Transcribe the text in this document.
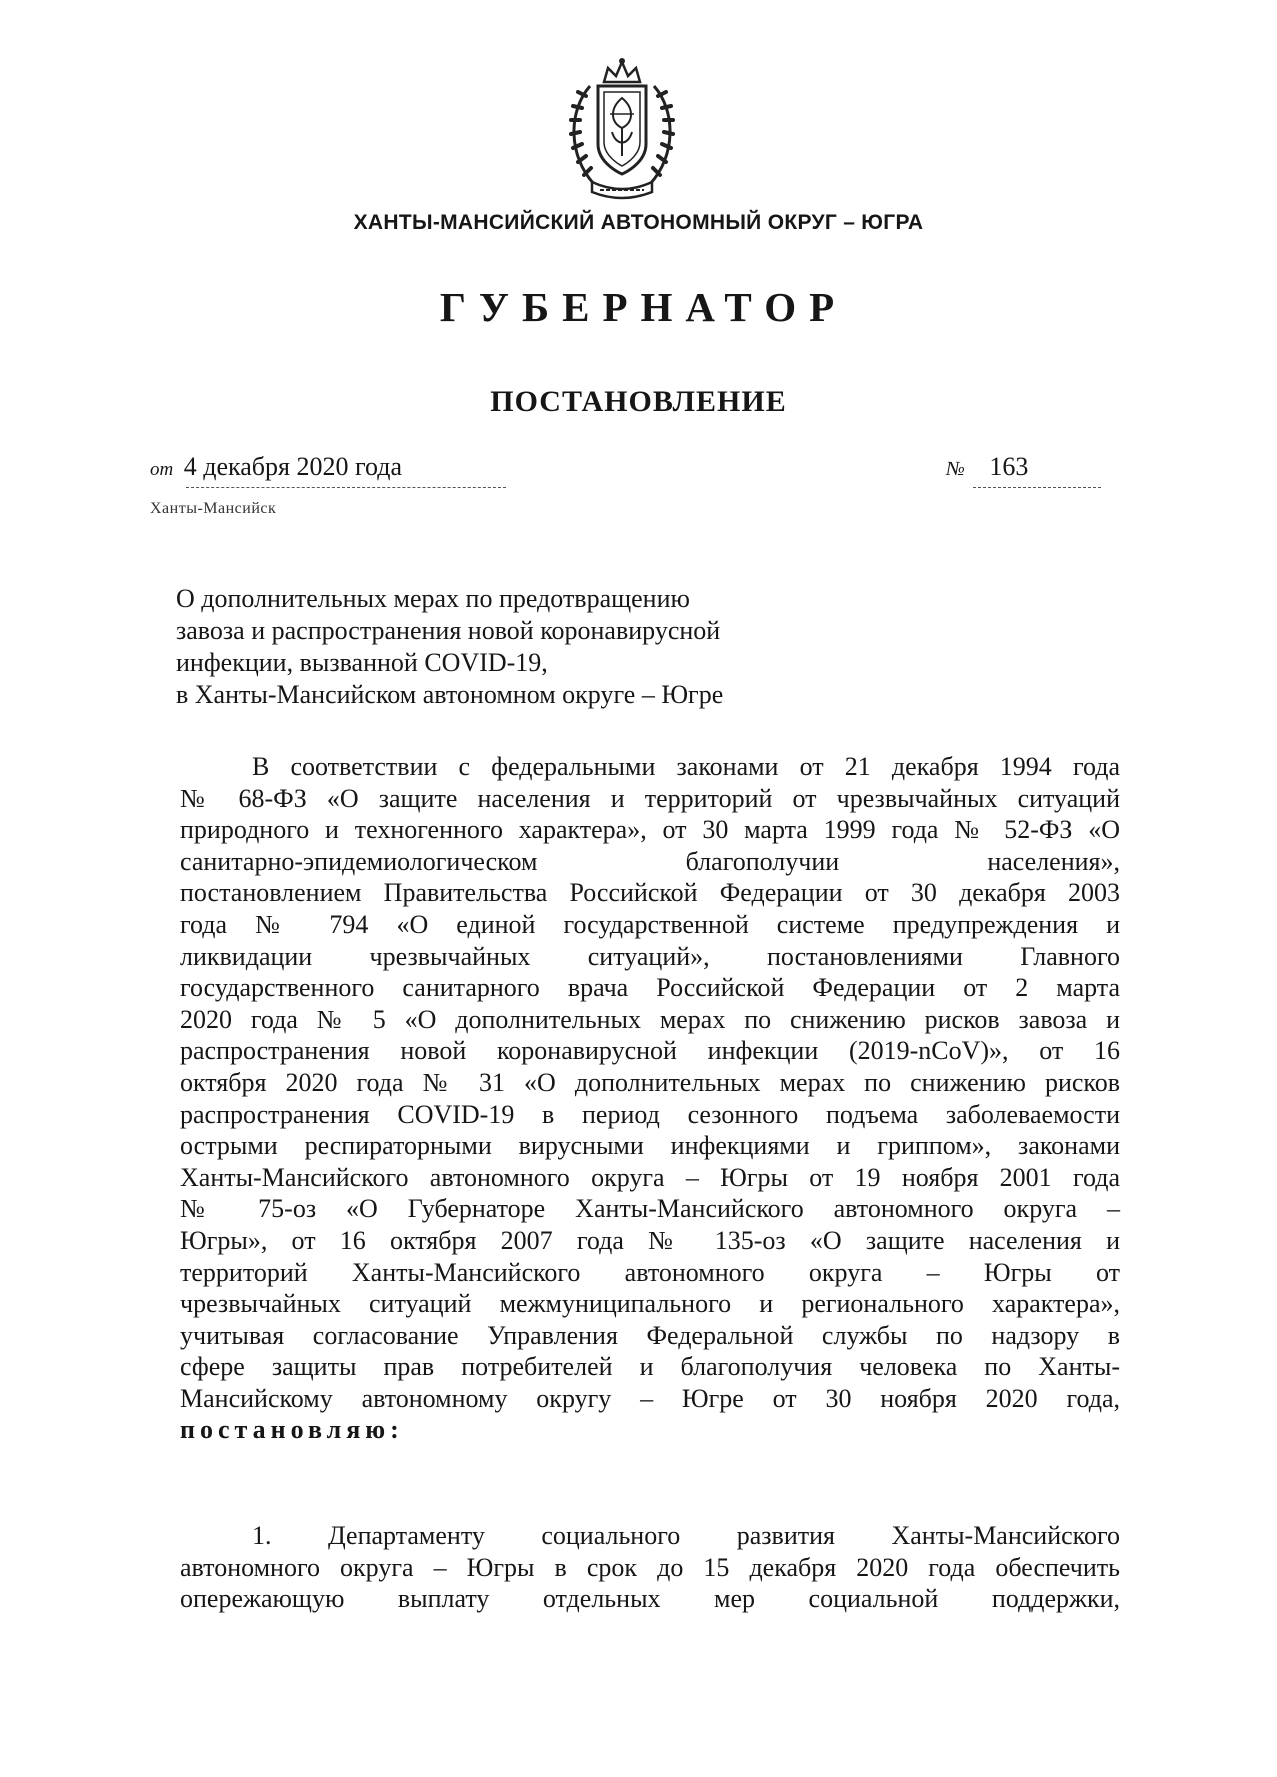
ХАНТЫ-МАНСИЙСКИЙ АВТОНОМНЫЙ ОКРУГ – ЮГРА
ГУБЕРНАТОР
ПОСТАНОВЛЕНИЕ
от 4 декабря 2020 года	№ 163
Ханты-Мансийск
О дополнительных мерах по предотвращению
завоза и распространения новой коронавирусной
инфекции, вызванной COVID-19,
в Ханты-Мансийском автономном округе – Югре
В соответствии с федеральными законами от 21 декабря 1994 года
№ 68-ФЗ «О защите населения и территорий от чрезвычайных ситуаций
природного и техногенного характера», от 30 марта 1999 года № 52-ФЗ «О
санитарно-эпидемиологическом благополучии населения»,
постановлением Правительства Российской Федерации от 30 декабря 2003
года № 794 «О единой государственной системе предупреждения и
ликвидации чрезвычайных ситуаций», постановлениями Главного
государственного санитарного врача Российской Федерации от 2 марта
2020 года № 5 «О дополнительных мерах по снижению рисков завоза и
распространения новой коронавирусной инфекции (2019-nCoV)», от 16
октября 2020 года № 31 «О дополнительных мерах по снижению рисков
распространения COVID-19 в период сезонного подъема заболеваемости
острыми респираторными вирусными инфекциями и гриппом», законами
Ханты-Мансийского автономного округа – Югры от 19 ноября 2001 года
№ 75-оз «О Губернаторе Ханты-Мансийского автономного округа –
Югры», от 16 октября 2007 года № 135-оз «О защите населения и
территорий Ханты-Мансийского автономного округа – Югры от
чрезвычайных ситуаций межмуниципального и регионального характера»,
учитывая согласование Управления Федеральной службы по надзору в
сфере защиты прав потребителей и благополучия человека по Ханты-
Мансийскому автономному округу – Югре от 30 ноября 2020 года,
постановляю:
1. Департаменту социального развития Ханты-Мансийского
автономного округа – Югры в срок до 15 декабря 2020 года обеспечить
опережающую выплату отдельных мер социальной поддержки,
